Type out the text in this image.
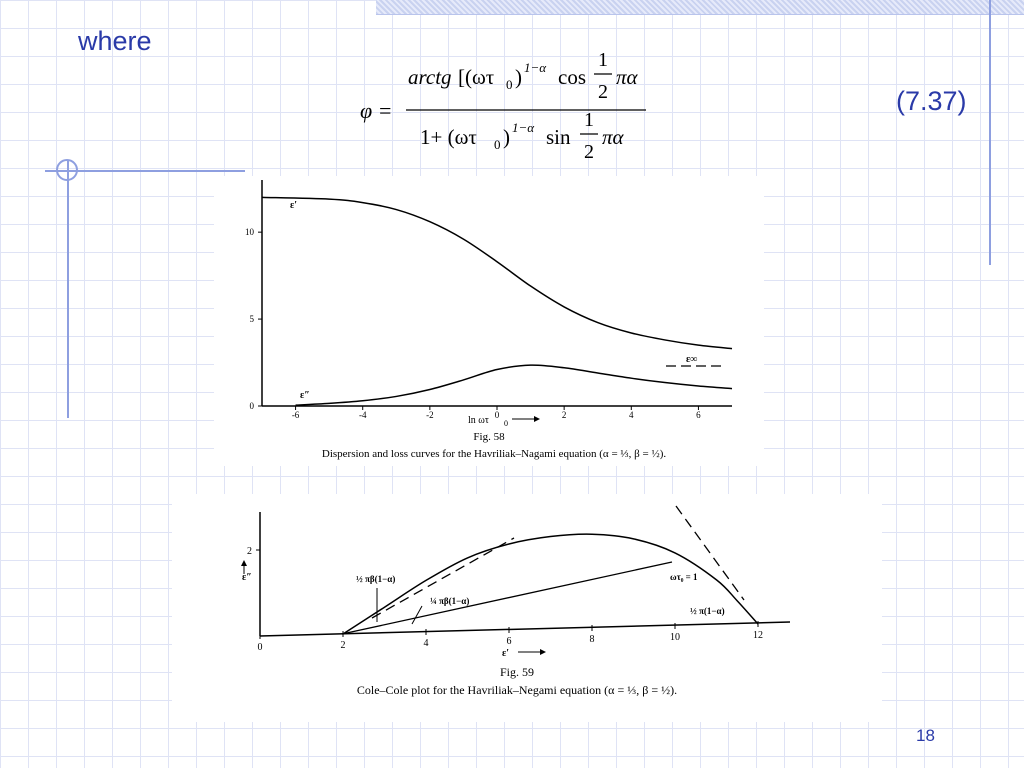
where
(7.37)
18
φ =
arctg [(ωτ 0 ) 1−α cos
1
2
πα
1+ (ωτ 0 ) 1−α sin
1
2
πα
-6	-4	-2	0	2	4	6
10
5
0
ε∞
ε′
ε″
ln ωτ 0
Fig. 58
Dispersion and loss curves for the Havriliak–Nagami equation (α = ⅓, β = ½).
0	2	4	6	8	10	12
2
½ πβ(1−α)
¼ πβ(1−α)
½ π(1−α)
ωτ₀ = 1
ε″
ε′
Fig. 59
Cole–Cole plot for the Havriliak–Negami equation (α = ⅓, β = ½).
